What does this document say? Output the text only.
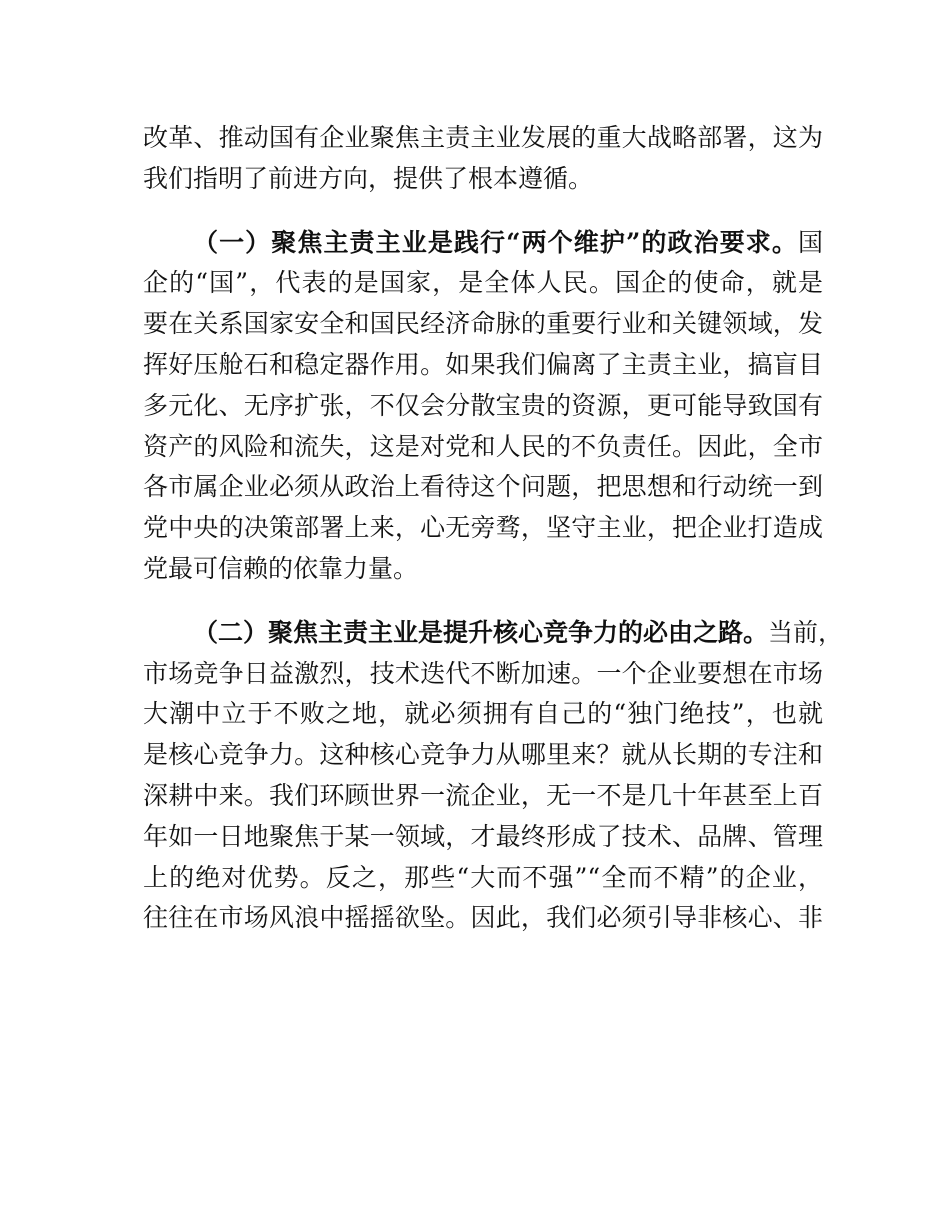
改革、推动国有企业聚焦主责主业发展的重大战略部署，这为
我们指明了前进方向，提供了根本遵循。
（一）聚焦主责主业是践行“两个维护”的政治要求。国
企的“国”，代表的是国家，是全体人民。国企的使命，就是
要在关系国家安全和国民经济命脉的重要行业和关键领域，发
挥好压舱石和稳定器作用。如果我们偏离了主责主业，搞盲目
多元化、无序扩张，不仅会分散宝贵的资源，更可能导致国有
资产的风险和流失，这是对党和人民的不负责任。因此，全市
各市属企业必须从政治上看待这个问题，把思想和行动统一到
党中央的决策部署上来，心无旁骛，坚守主业，把企业打造成
党最可信赖的依靠力量。
（二）聚焦主责主业是提升核心竞争力的必由之路。当前，
市场竞争日益激烈，技术迭代不断加速。一个企业要想在市场
大潮中立于不败之地，就必须拥有自己的“独门绝技”，也就
是核心竞争力。这种核心竞争力从哪里来？就从长期的专注和
深耕中来。我们环顾世界一流企业，无一不是几十年甚至上百
年如一日地聚焦于某一领域，才最终形成了技术、品牌、管理
上的绝对优势。反之，那些“大而不强”“全而不精”的企业，
往往在市场风浪中摇摇欲坠。因此，我们必须引导非核心、非
